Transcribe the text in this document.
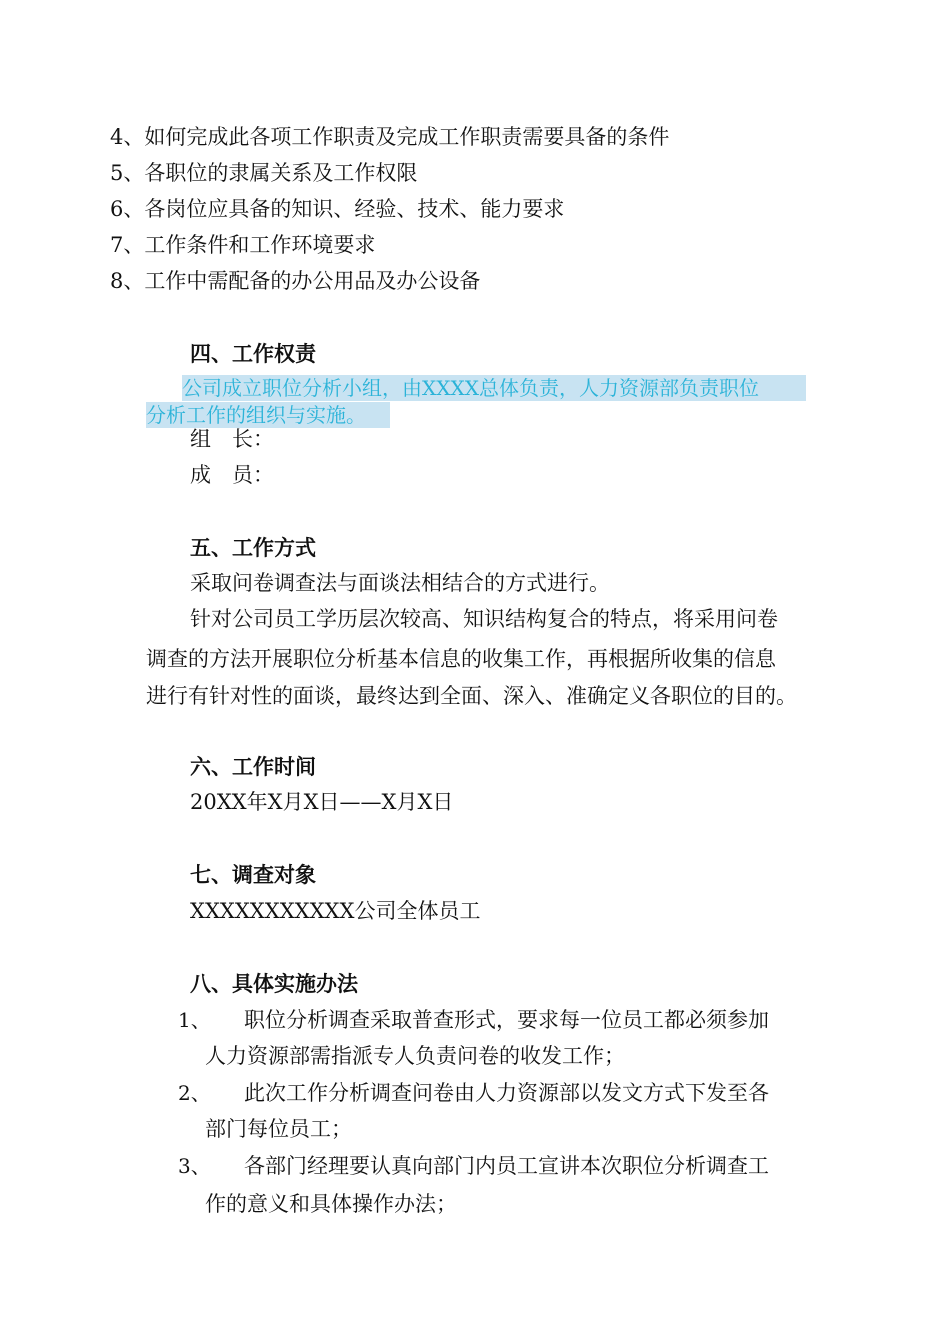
4、如何完成此各项工作职责及完成工作职责需要具备的条件
5、各职位的隶属关系及工作权限
6、各岗位应具备的知识、经验、技术、能力要求
7、工作条件和工作环境要求
8、工作中需配备的办公用品及办公设备
四、工作权责
公司成立职位分析小组，由XXXX总体负责，人力资源部负责职位
分析工作的组织与实施。
组　长：
成　员：
五、工作方式
采取问卷调查法与面谈法相结合的方式进行。
针对公司员工学历层次较高、知识结构复合的特点，将采用问卷
调查的方法开展职位分析基本信息的收集工作，再根据所收集的信息
进行有针对性的面谈，最终达到全面、深入、准确定义各职位的目的。
六、工作时间
20XX年X月X日——X月X日
七、调查对象
XXXXXXXXXXX公司全体员工
八、具体实施办法
1、 职位分析调查采取普查形式，要求每一位员工都必须参加
人力资源部需指派专人负责问卷的收发工作；
2、 此次工作分析调查问卷由人力资源部以发文方式下发至各
部门每位员工；
3、 各部门经理要认真向部门内员工宣讲本次职位分析调查工
作的意义和具体操作办法；
